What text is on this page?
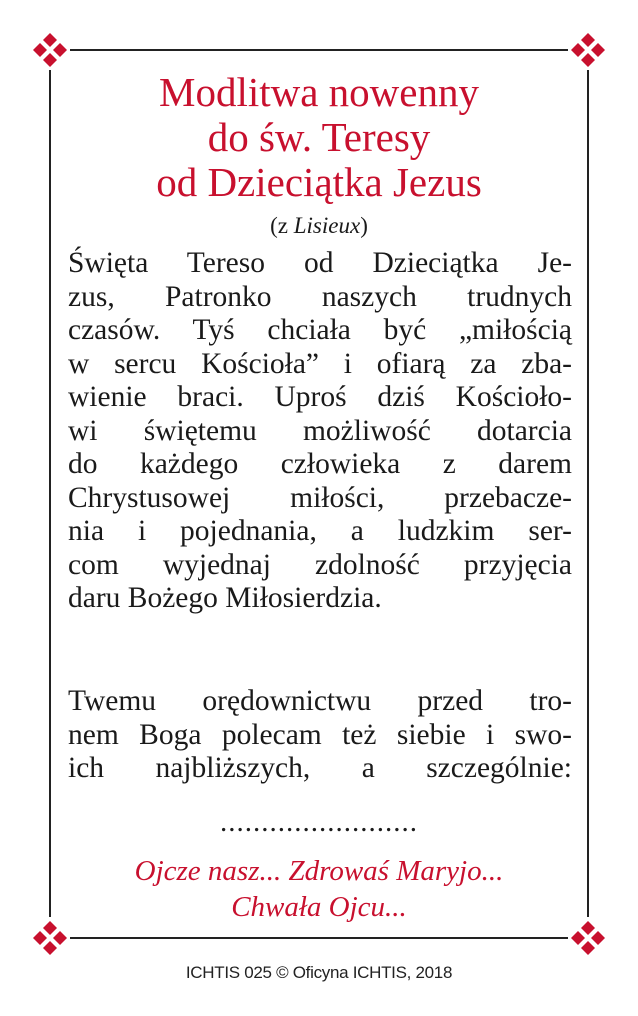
Modlitwa nowenny
do św. Teresy
od Dzieciątka Jezus
(z Lisieux)
Święta Tereso od Dzieciątka Je-
zus, Patronko naszych trudnych
czasów. Tyś chciała być „miłością
w sercu Kościoła” i ofiarą za zba-
wienie braci. Uproś dziś Kościoło-
wi świętemu możliwość dotarcia
do każdego człowieka z darem
Chrystusowej miłości, przebacze-
nia i pojednania, a ludzkim ser-
com wyjednaj zdolność przyjęcia
daru Bożego Miłosierdzia.
Twemu orędownictwu przed tro-
nem Boga polecam też siebie i swo-
ich najbliższych, a szczególnie:
........................
Ojcze nasz... Zdrowaś Maryjo...
Chwała Ojcu...
ICHTIS 025 © Oficyna ICHTIS, 2018
